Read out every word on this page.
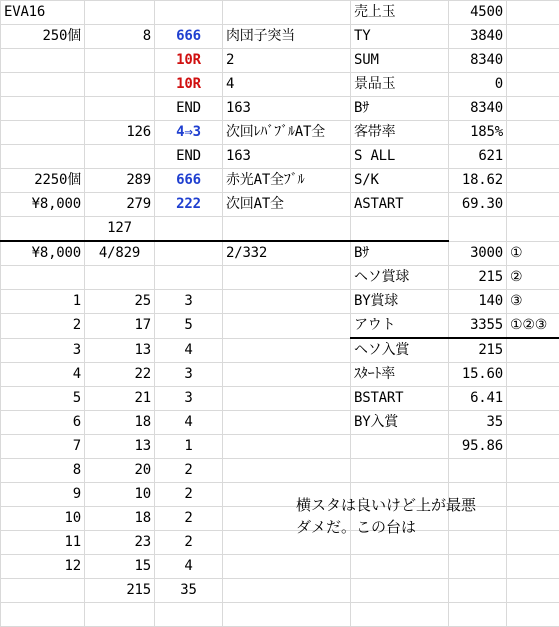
EVA16				売上玉	4500	
250個	8	666	肉団子突当	TY	3840	
		10R	2	SUM	8340	
		10R	4	景品玉	0	
		END	163	Bｻ	8340	
	126	4⇒3	次回ﾚﾊﾞﾌﾞﾙAT全	客帯率	185%	
		END	163	S ALL	621	
2250個	289	666	赤光AT全ﾌﾞﾙ	S/K	18.62	
¥8,000	279	222	次回AT全	ASTART	69.30	
	127					
¥8,000	4/829		2/332	Bｻ	3000	①
				ヘソ賞球	215	②
1	25	3		BY賞球	140	③
2	17	5		アウト	3355	①②③
3	13	4		ヘソ入賞	215	
4	22	3		ｽﾀｰﾄ率	15.60	
5	21	3		BSTART	6.41	
6	18	4		BY入賞	35	
7	13	1			95.86	
8	20	2				
9	10	2				
10	18	2				
11	23	2				
12	15	4				
	215	35				

横スタは良いけど上が最悪
ダメだ。この台は
